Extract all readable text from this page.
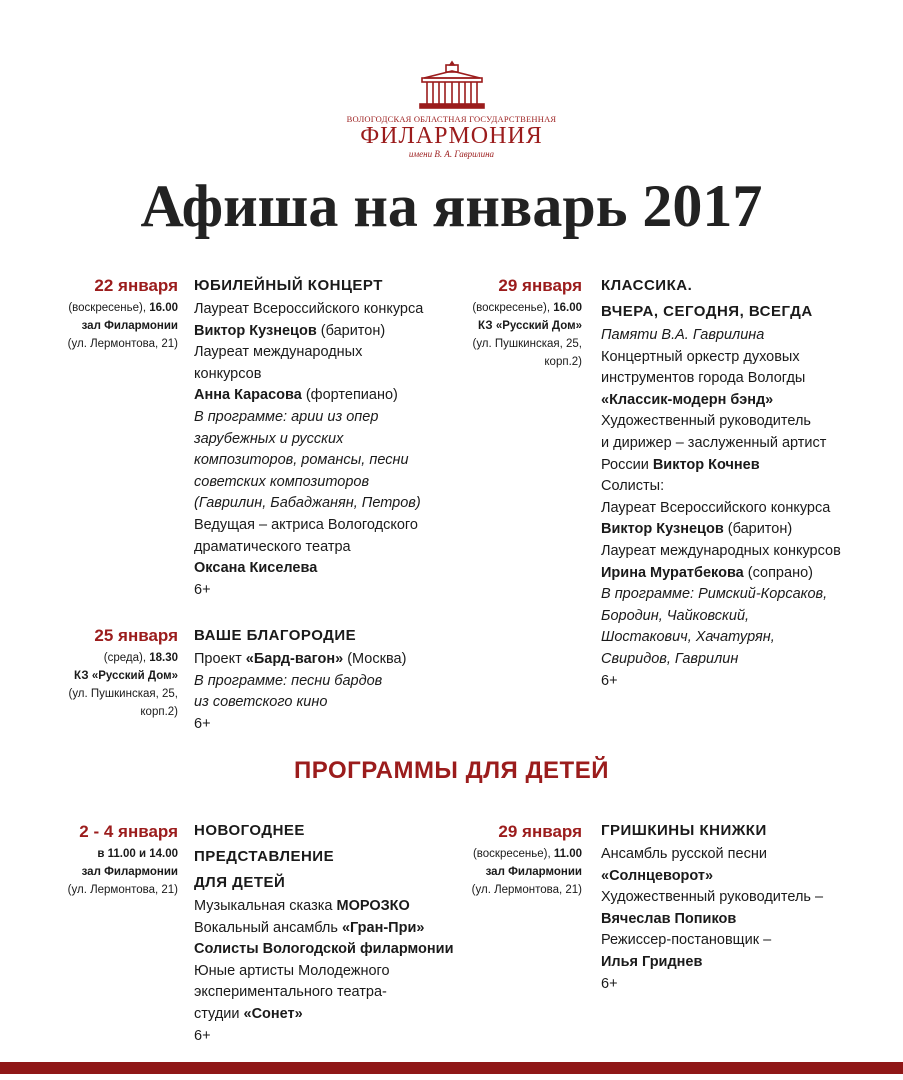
ВОЛОГОДСКАЯ ОБЛАСТНАЯ ГОСУДАРСТВЕННАЯ
ФИЛАРМОНИЯ
имени В. А. Гаврилина
Афиша на январь 2017
22 января
(воскресенье), 16.00
зал Филармонии
(ул. Лермонтова, 21)
ЮБИЛЕЙНЫЙ КОНЦЕРТ
Лауреат Всероссийского конкурса
Виктор Кузнецов (баритон)
Лауреат международных
конкурсов
Анна Карасова (фортепиано)
В программе: арии из опер
зарубежных и русских
композиторов, романсы, песни
советских композиторов
(Гаврилин, Бабаджанян, Петров)
Ведущая – актриса Вологодского
драматического театра
Оксана Киселева
6+
25 января
(среда), 18.30
КЗ «Русский Дом»
(ул. Пушкинская, 25,
корп.2)
ВАШЕ БЛАГОРОДИЕ
Проект «Бард-вагон» (Москва)
В программе: песни бардов
из советского кино
6+
29 января
(воскресенье), 16.00
КЗ «Русский Дом»
(ул. Пушкинская, 25,
корп.2)
КЛАССИКА.
ВЧЕРА, СЕГОДНЯ, ВСЕГДА
Памяти В.А. Гаврилина
Концертный оркестр духовых
инструментов города Вологды
«Классик-модерн бэнд»
Художественный руководитель
и дирижер – заслуженный артист
России Виктор Кочнев
Солисты:
Лауреат Всероссийского конкурса
Виктор Кузнецов (баритон)
Лауреат международных конкурсов
Ирина Муратбекова (сопрано)
В программе: Римский-Корсаков,
Бородин, Чайковский,
Шостакович, Хачатурян,
Свиридов, Гаврилин
6+
ПРОГРАММЫ ДЛЯ ДЕТЕЙ
2 - 4 января
в 11.00 и 14.00
зал Филармонии
(ул. Лермонтова, 21)
НОВОГОДНЕЕ
ПРЕДСТАВЛЕНИЕ
ДЛЯ ДЕТЕЙ
Музыкальная сказка МОРОЗКО
Вокальный ансамбль «Гран-При»
Солисты Вологодской филармонии
Юные артисты Молодежного
экспериментального театра-
студии «Сонет»
6+
29 января
(воскресенье), 11.00
зал Филармонии
(ул. Лермонтова, 21)
ГРИШКИНЫ КНИЖКИ
Ансамбль русской песни
«Солнцеворот»
Художественный руководитель –
Вячеслав Попиков
Режиссер-постановщик –
Илья Гриднев
6+
